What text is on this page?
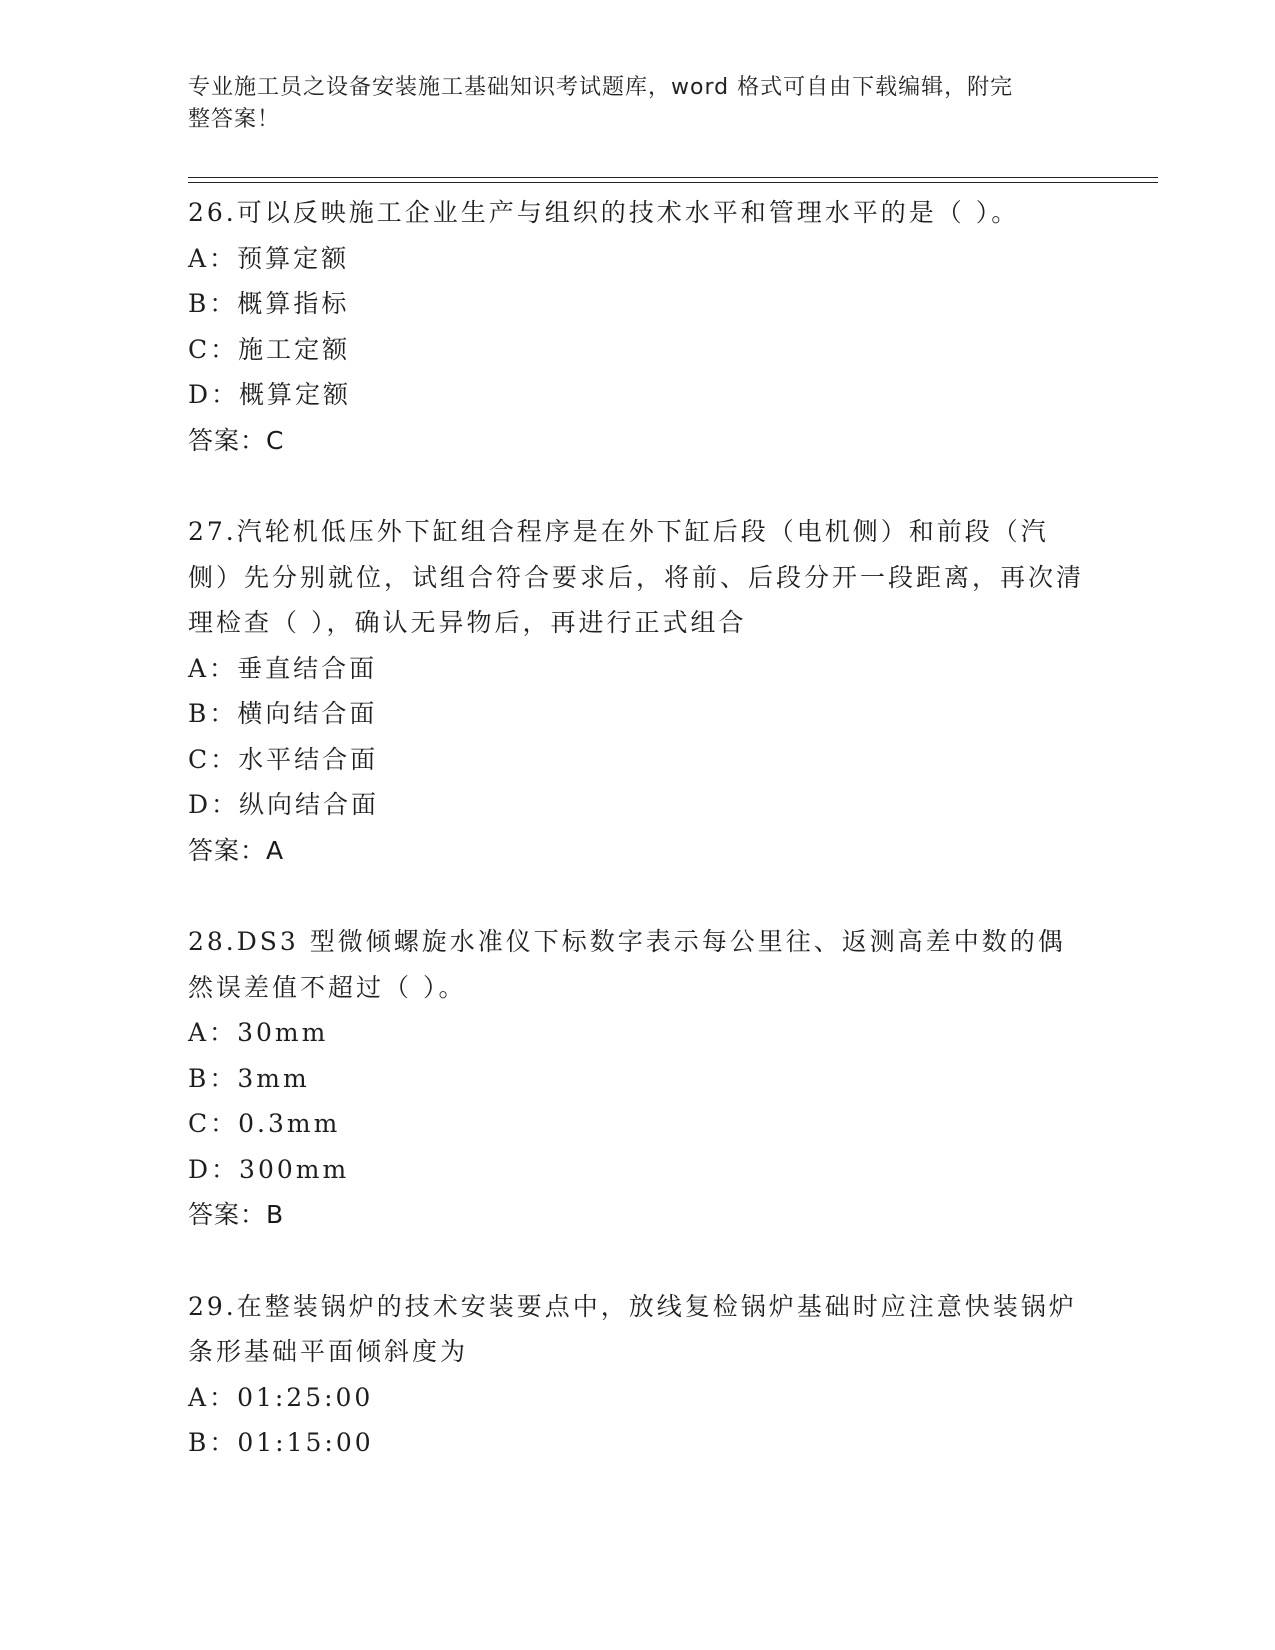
专业施工员之设备安装施工基础知识考试题库，word 格式可自由下载编辑，附完
整答案！

26.可以反映施工企业生产与组织的技术水平和管理水平的是（ ）。

A：预算定额

B：概算指标

C：施工定额

D：概算定额

答案：C

27.汽轮机低压外下缸组合程序是在外下缸后段（电机侧）和前段（汽侧）先分别就位，试组合符合要求后，将前、后段分开一段距离，再次清理检查（ ），确认无异物后，再进行正式组合

A：垂直结合面

B：横向结合面

C：水平结合面

D：纵向结合面

答案：A

28.DS3 型微倾螺旋水准仪下标数字表示每公里往、返测高差中数的偶然误差值不超过（ ）。

A：30mm

B：3mm

C：0.3mm

D：300mm

答案：B

29.在整装锅炉的技术安装要点中，放线复检锅炉基础时应注意快装锅炉条形基础平面倾斜度为

A：01:25:00

B：01:15:00
